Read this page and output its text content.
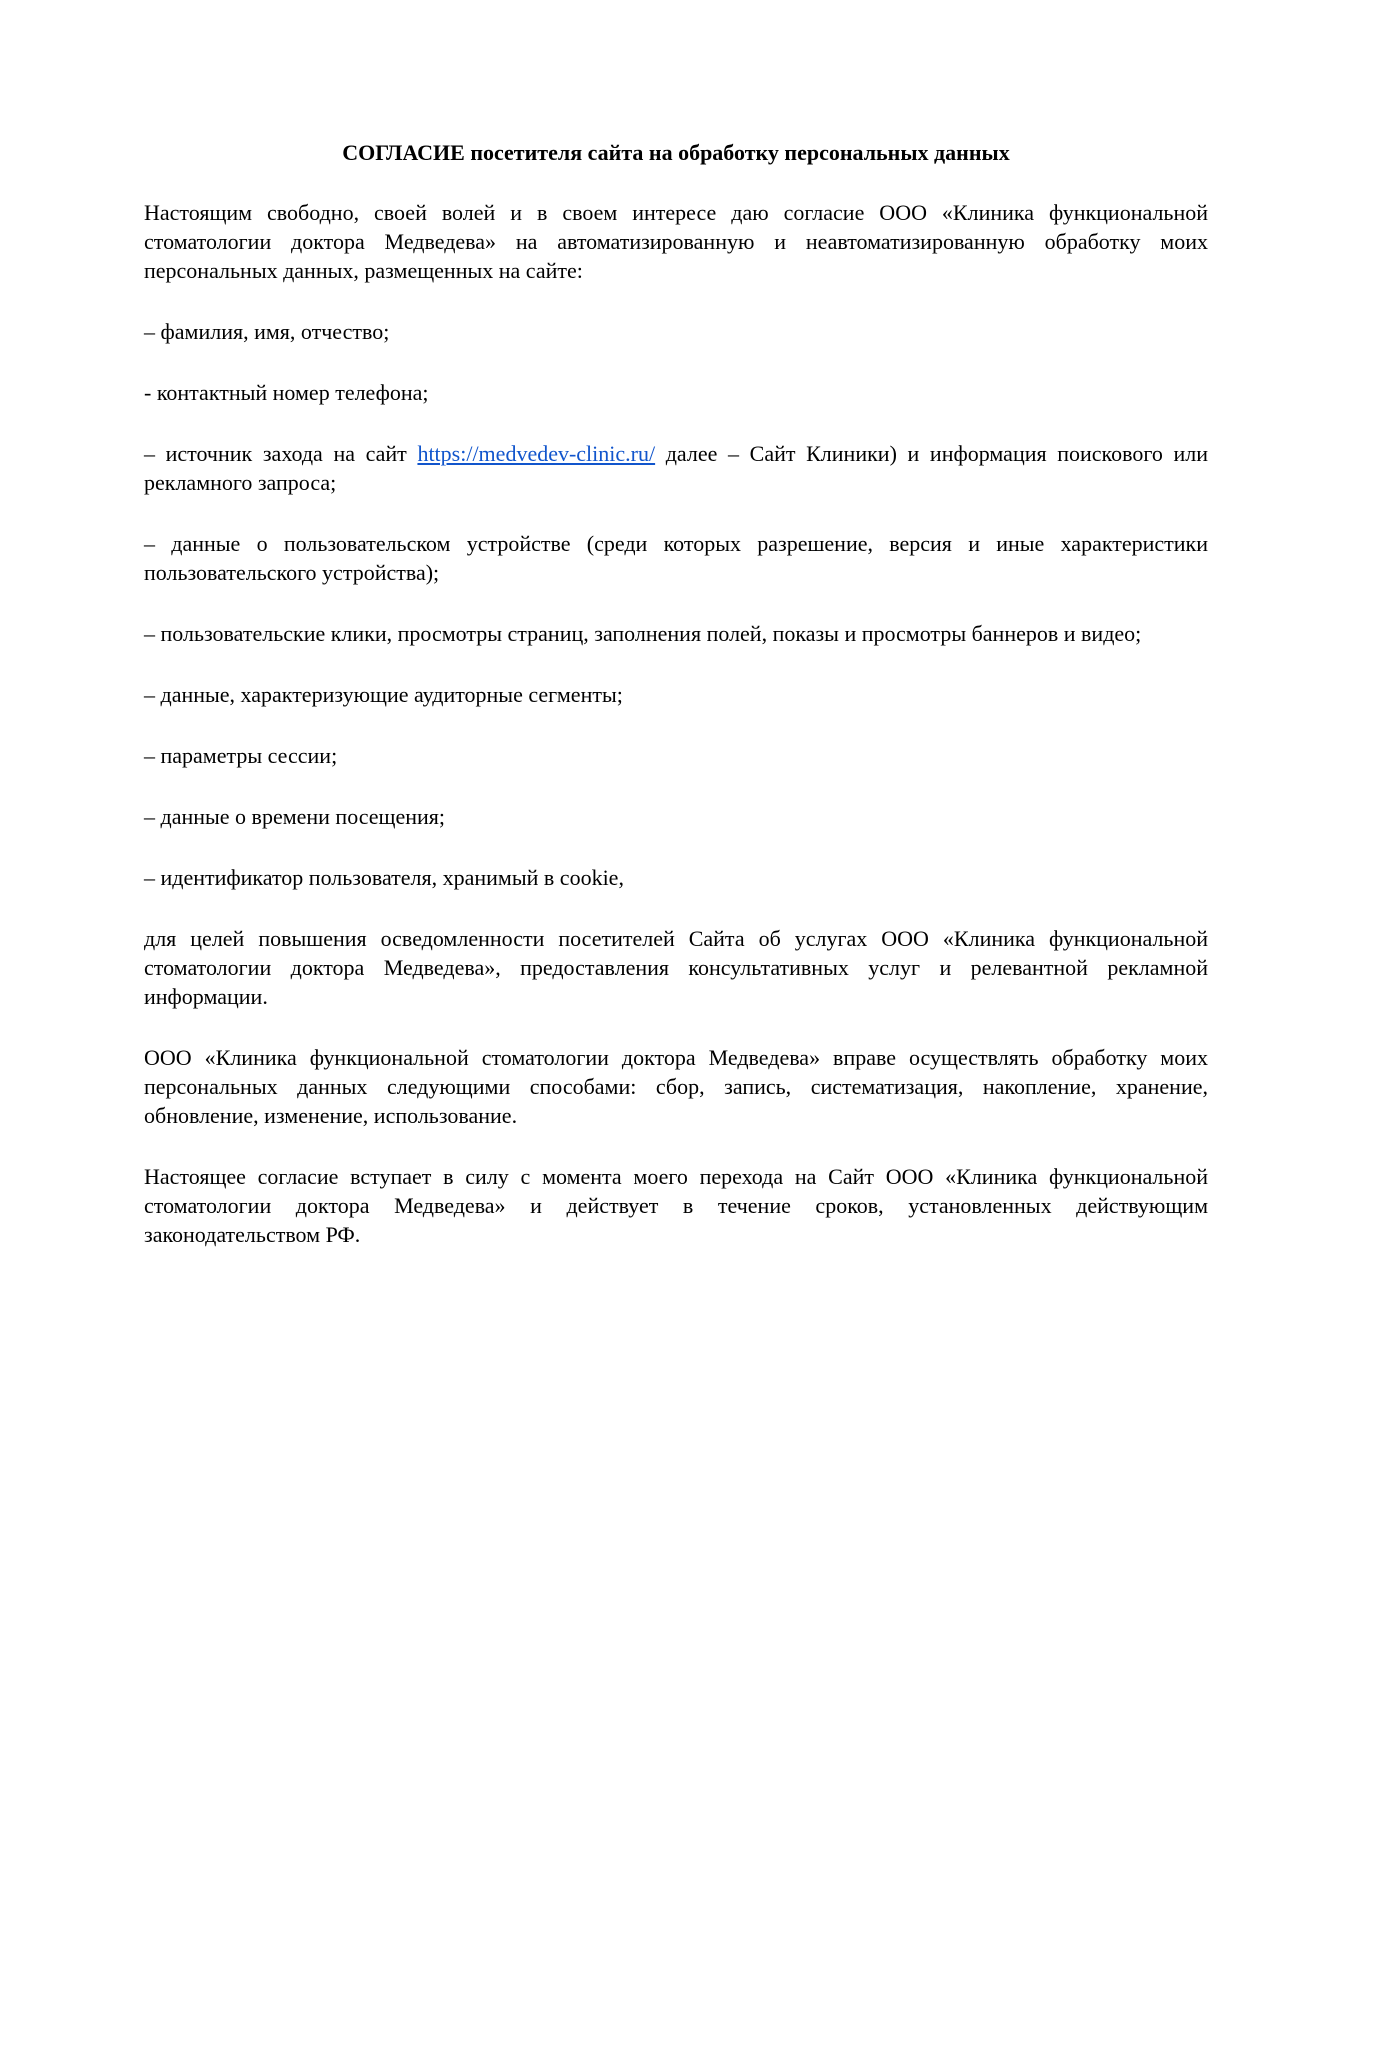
СОГЛАСИЕ посетителя сайта на обработку персональных данных

Настоящим свободно, своей волей и в своем интересе даю согласие ООО «Клиника функциональной стоматологии доктора Медведева» на автоматизированную и неавтоматизированную обработку моих персональных данных, размещенных на сайте:

– фамилия, имя, отчество;

- контактный номер телефона;

– источник захода на сайт https://medvedev-clinic.ru/ далее – Сайт Клиники) и информация поискового или рекламного запроса;

– данные о пользовательском устройстве (среди которых разрешение, версия и иные характеристики пользовательского устройства);

– пользовательские клики, просмотры страниц, заполнения полей, показы и просмотры баннеров и видео;

– данные, характеризующие аудиторные сегменты;

– параметры сессии;

– данные о времени посещения;

– идентификатор пользователя, хранимый в cookie,

для целей повышения осведомленности посетителей Сайта об услугах ООО «Клиника функциональной стоматологии доктора Медведева», предоставления консультативных услуг и релевантной рекламной информации.

ООО «Клиника функциональной стоматологии доктора Медведева» вправе осуществлять обработку моих персональных данных следующими способами: сбор, запись, систематизация, накопление, хранение, обновление, изменение, использование.

Настоящее согласие вступает в силу с момента моего перехода на Сайт ООО «Клиника функциональной стоматологии доктора Медведева» и действует в течение сроков, установленных действующим законодательством РФ.
